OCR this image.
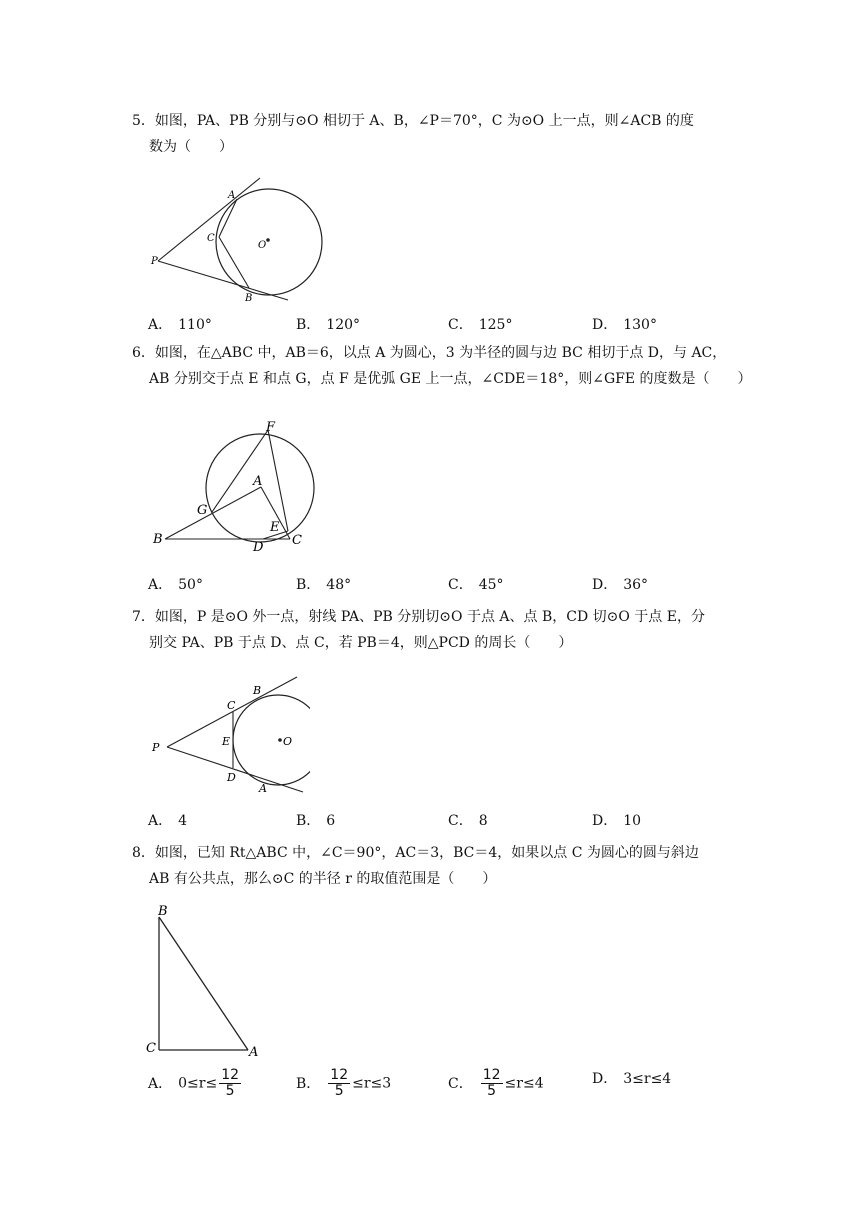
5．如图，PA、PB 分别与⊙O 相切于 A、B，∠P＝70°，C 为⊙O 上一点，则∠ACB 的度
数为（　　）
A
C
O
P
B
A． 110°	B． 120°	C． 125°	D． 130°
6．如图，在△ABC 中，AB＝6，以点 A 为圆心，3 为半径的圆与边 BC 相切于点 D，与 AC，
AB 分别交于点 E 和点 G，点 F 是优弧 GE 上一点，∠CDE＝18°，则∠GFE 的度数是（　　）
F
A
G
E
B
D C
A． 50°	B． 48°	C． 45°	D． 36°
7．如图，P 是⊙O 外一点，射线 PA、PB 分别切⊙O 于点 A、点 B，CD 切⊙O 于点 E，分
别交 PA、PB 于点 D、点 C，若 PB＝4，则△PCD 的周长（　　）
B
C
P	E	O
D
A
A． 4	B． 6	C． 8	D． 10
8．如图，已知 Rt△ABC 中，∠C＝90°，AC＝3，BC＝4，如果以点 C 为圆心的圆与斜边
AB 有公共点，那么⊙C 的半径 r 的取值范围是（　　）
B
C	A
A． $0\le r\le \frac{12}{5}$	B． $\frac{12}{5} \le r\le 3$	C． $\frac{12}{5} \le r\le 4$	D． 3≤r≤4
